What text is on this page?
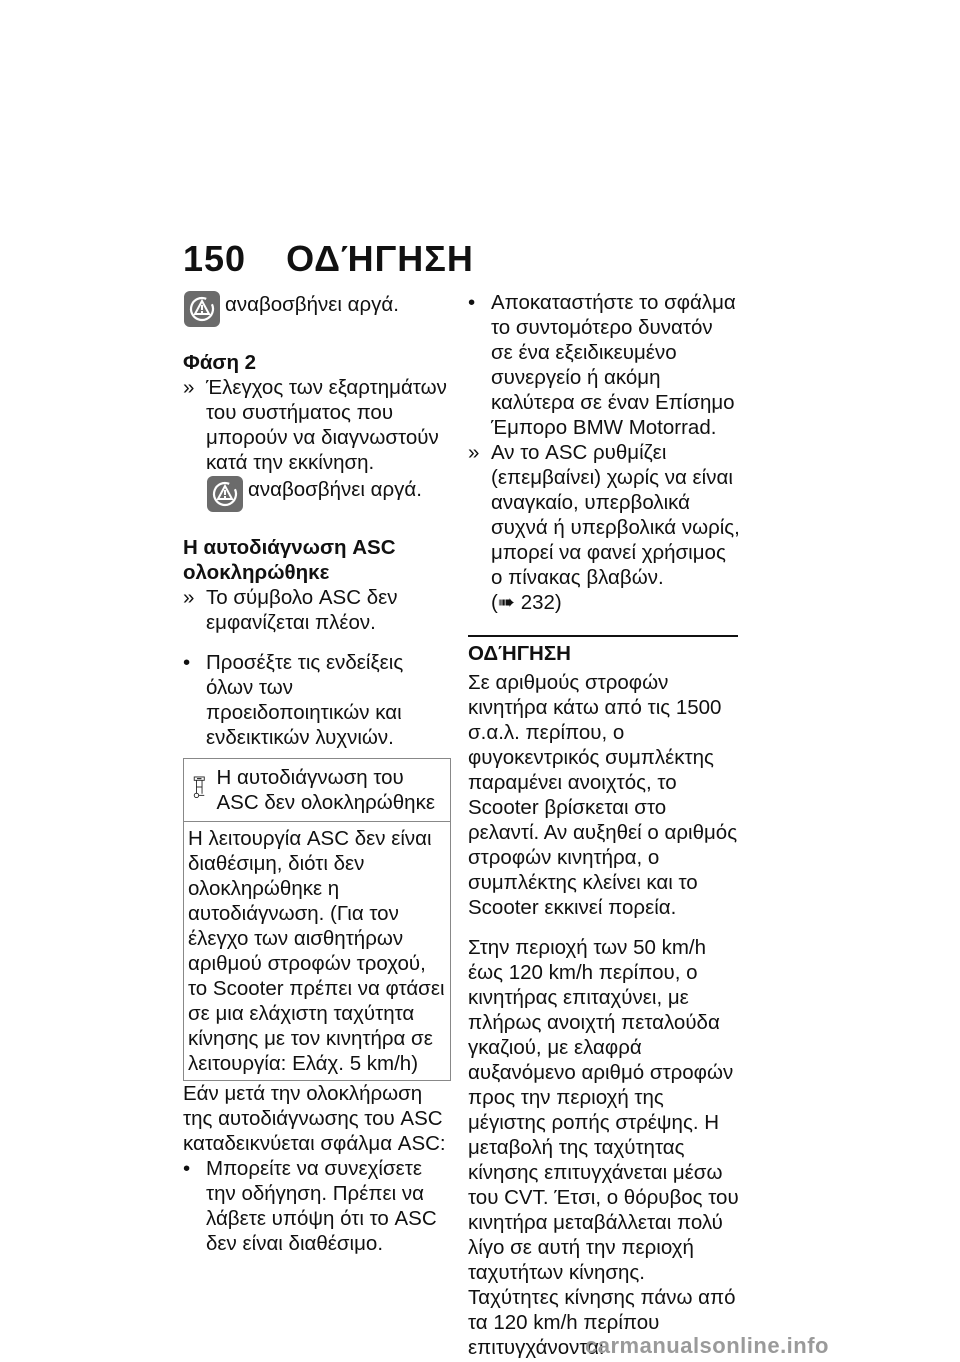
150 ΟΔΉΓΗΣΗ
αναβοσβήνει αργά.

Φάση 2

» Έλεγχος των εξαρτημάτων του συστήματος που μπορούν να διαγνωστούν κατά την εκκίνηση.
αναβοσβήνει αργά.

Η αυτοδιάγνωση ASC ολοκληρώθηκε

» Το σύμβολο ASC δεν εμφανίζεται πλέον.
• Προσέξτε τις ενδείξεις όλων των προειδοποιητικών και ενδεικτικών λυχνιών.
Η αυτοδιάγνωση του ASC δεν ολοκληρώθηκε
Η λειτουργία ASC δεν είναι διαθέσιμη, διότι δεν ολοκληρώθηκε η αυτοδιάγνωση. (Για τον έλεγχο των αισθητήρων αριθμού στροφών τροχού, το Scooter πρέπει να φτάσει σε μια ελάχιστη ταχύτητα κίνησης με τον κινητήρα σε λειτουργία: Ελάχ. 5 km/h)

Εάν μετά την ολοκλήρωση της αυτοδιάγνωσης του ASC καταδεικνύεται σφάλμα ASC:

• Μπορείτε να συνεχίσετε την οδήγηση. Πρέπει να λάβετε υπόψη ότι το ASC δεν είναι διαθέσιμο.
• Αποκαταστήστε το σφάλμα το συντομότερο δυνατόν σε ένα εξειδικευμένο συνεργείο ή ακόμη καλύτερα σε έναν Επίσημο Έμπορο BMW Motorrad.
» Αν το ASC ρυθμίζει (επεμβαίνει) χωρίς να είναι αναγκαίο, υπερβολικά συχνά ή υπερβολικά νωρίς, μπορεί να φανεί χρήσιμος ο πίνακας βλαβών.
(➠ 232)

ΟΔΉΓΗΣΗ

Σε αριθμούς στροφών κινητήρα κάτω από τις 1500 σ.α.λ. περίπου, ο φυγοκεντρικός συμπλέκτης παραμένει ανοιχτός, το Scooter βρίσκεται στο ρελαντί. Αν αυξηθεί ο αριθμός στροφών κινητήρα, ο συμπλέκτης κλείνει και το Scooter εκκινεί πορεία.

Στην περιοχή των 50 km/h έως 120 km/h περίπου, ο κινητήρας επιταχύνει, με πλήρως ανοιχτή πεταλούδα γκαζιού, με ελαφρά αυξανόμενο αριθμό στροφών προς την περιοχή της μέγιστης ροπής στρέψης. Η μεταβολή της ταχύτητας κίνησης επιτυγχάνεται μέσω του CVT. Έτσι, ο θόρυβος του κινητήρα μεταβάλλεται πολύ λίγο σε αυτή την περιοχή ταχυτήτων κίνησης.

Ταχύτητες κίνησης πάνω από τα 120 km/h περίπου επιτυγχάνονται

carmanualsonline.info
